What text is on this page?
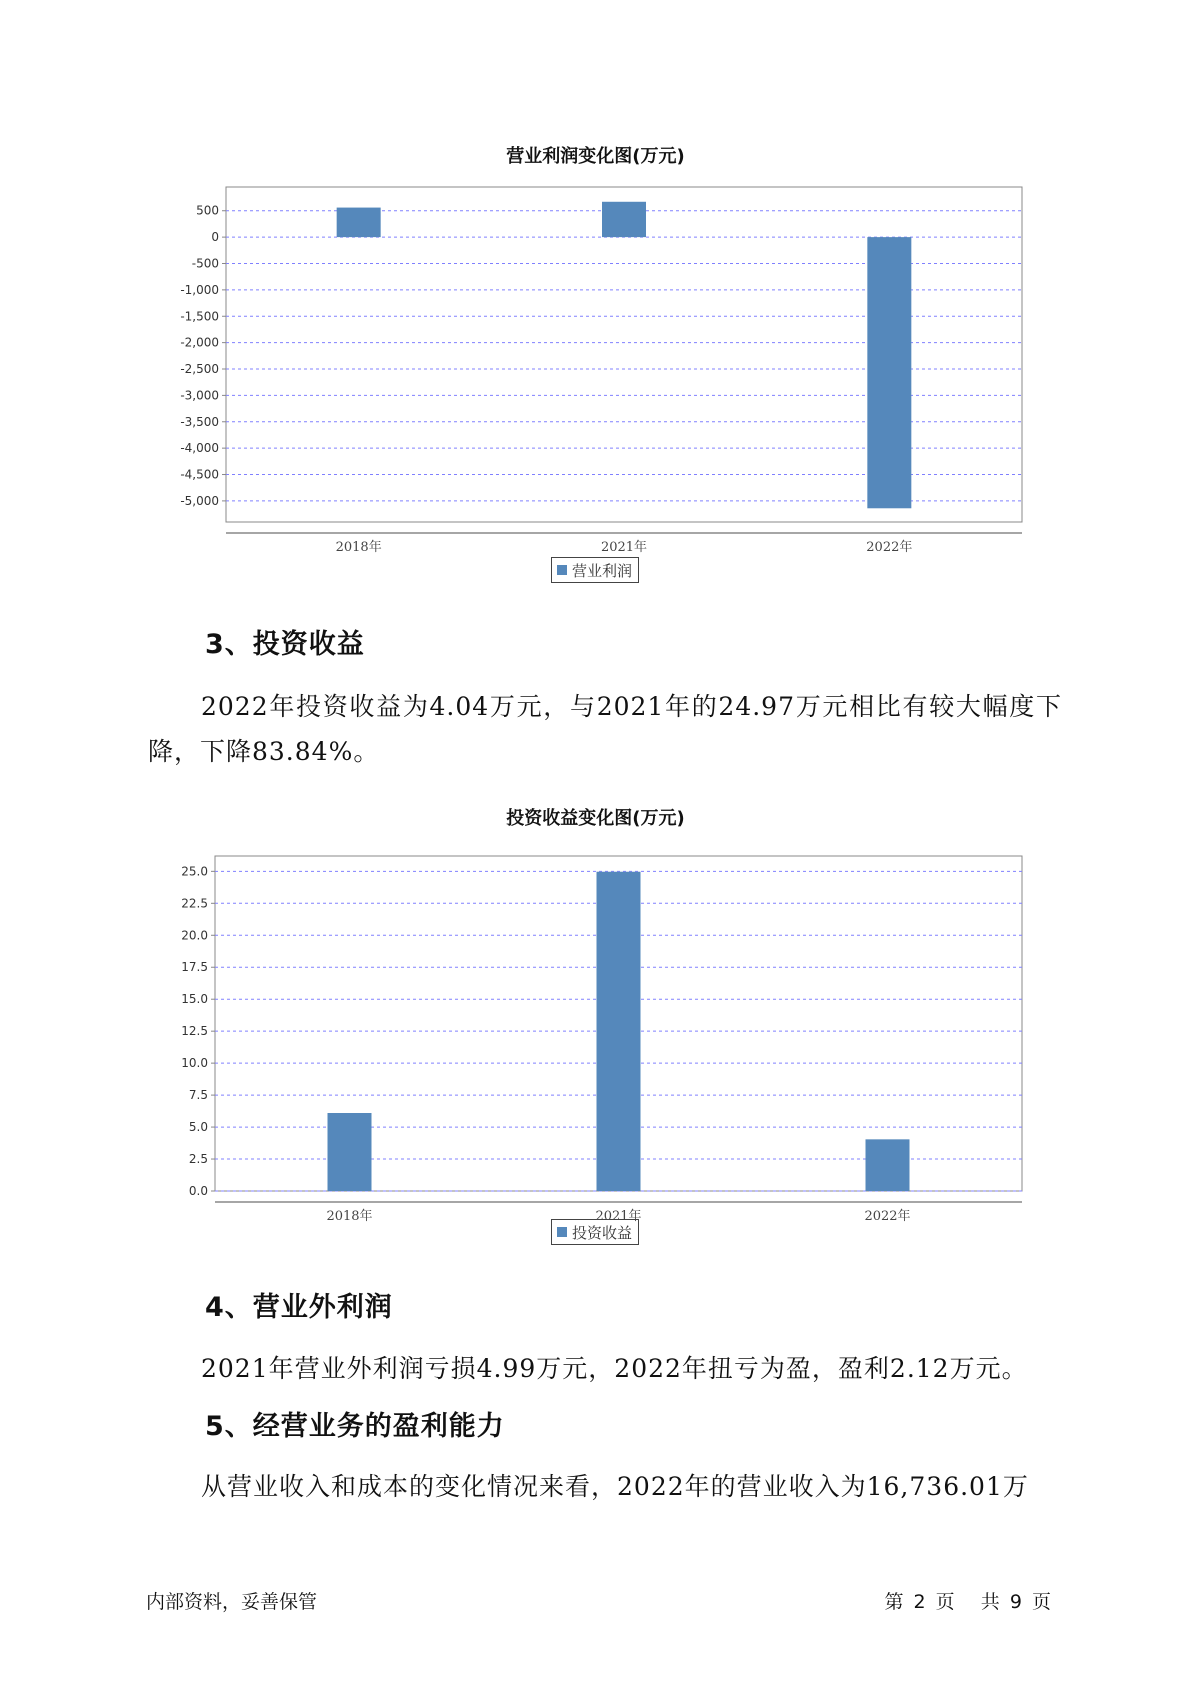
营业利润变化图(万元)
500
0
-500
-1,000
-1,500
-2,000
-2,500
-3,000
-3,500
-4,000
-4,500
-5,000
2018年	2021年	2022年
营业利润
3、投资收益

2022年投资收益为4.04万元，与2021年的24.97万元相比有较大幅度下降，下降83.84%。

投资收益变化图(万元)
0.0
2.5
5.0
7.5
10.0
12.5
15.0
17.5
20.0
22.5
25.0
2018年	2021年	2022年
投资收益
4、营业外利润

2021年营业外利润亏损4.99万元，2022年扭亏为盈，盈利2.12万元。

5、经营业务的盈利能力

从营业收入和成本的变化情况来看，2022年的营业收入为16,736.01万

内部资料，妥善保管	第 2 页 共 9 页
